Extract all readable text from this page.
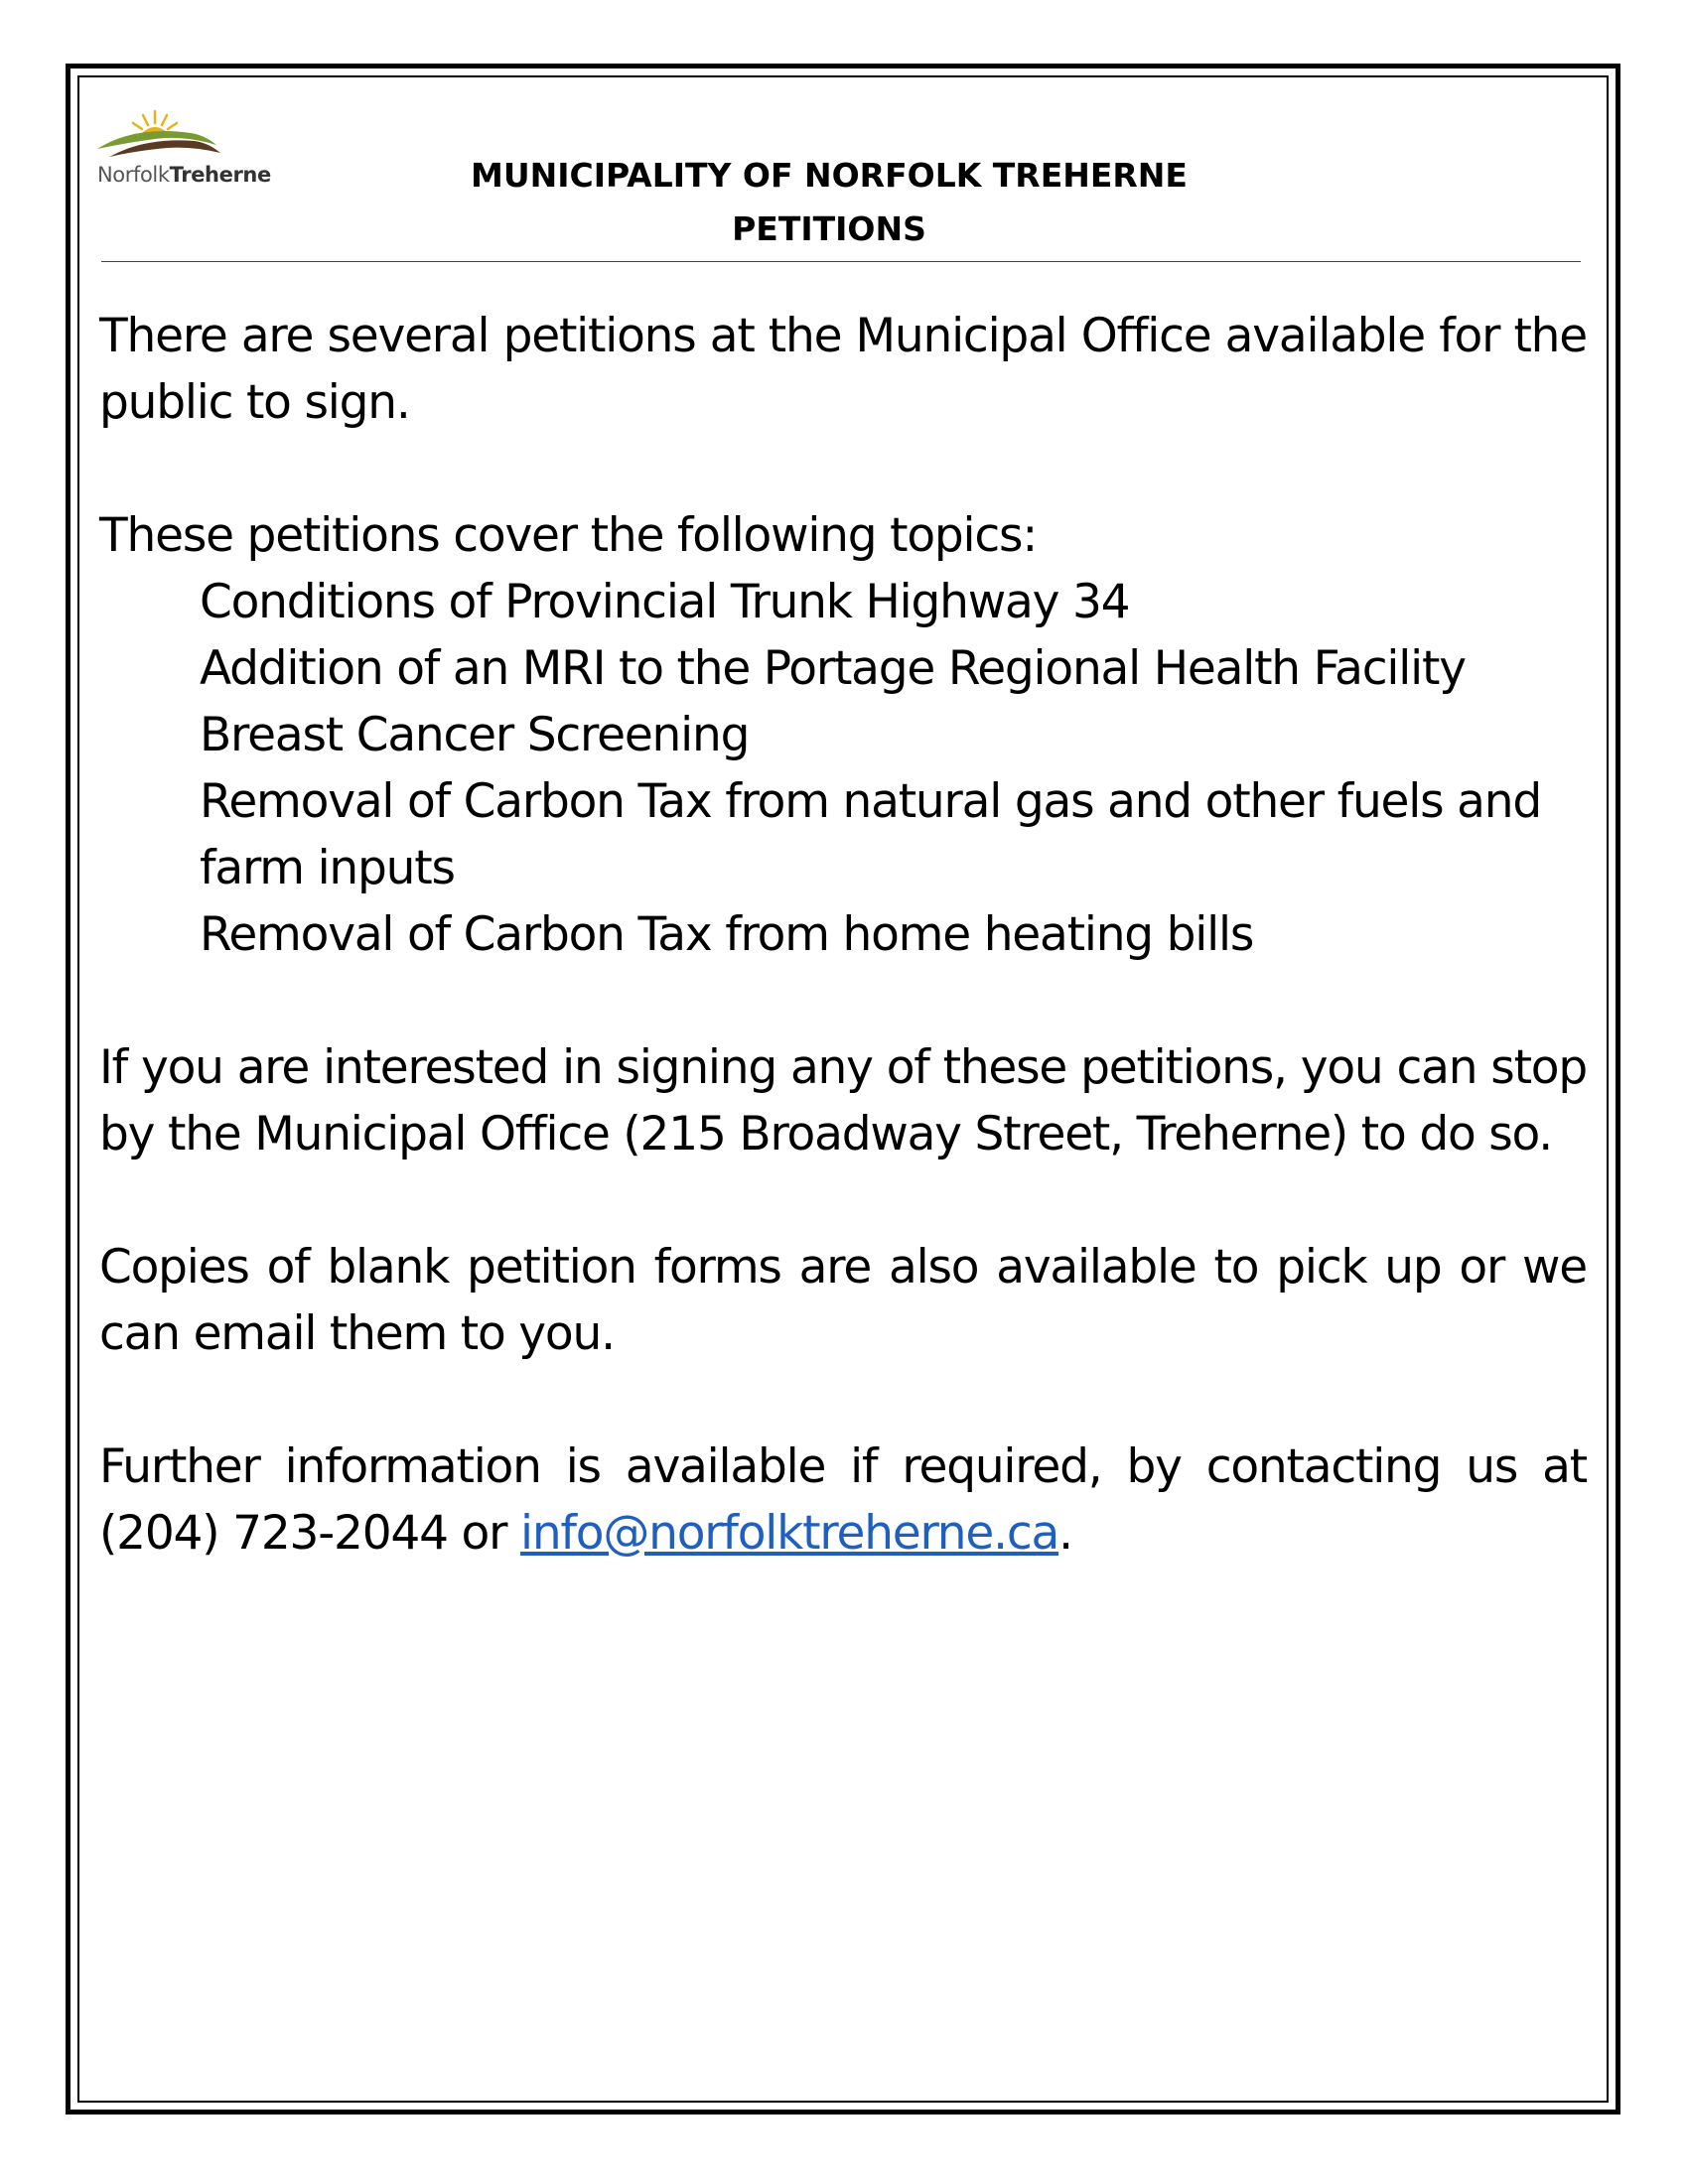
NorfolkTreherne	MUNICIPALITY OF NORFOLK TREHERNE
PETITIONS

There are several petitions at the Municipal Office available for the public to sign.

These petitions cover the following topics:
Conditions of Provincial Trunk Highway 34
Addition of an MRI to the Portage Regional Health Facility
Breast Cancer Screening
Removal of Carbon Tax from natural gas and other fuels and farm inputs
Removal of Carbon Tax from home heating bills

If you are interested in signing any of these petitions, you can stop by the Municipal Office (215 Broadway Street, Treherne) to do so.

Copies of blank petition forms are also available to pick up or we can email them to you.

Further information is available if required, by contacting us at (204) 723-2044 or info@norfolktreherne.ca.
